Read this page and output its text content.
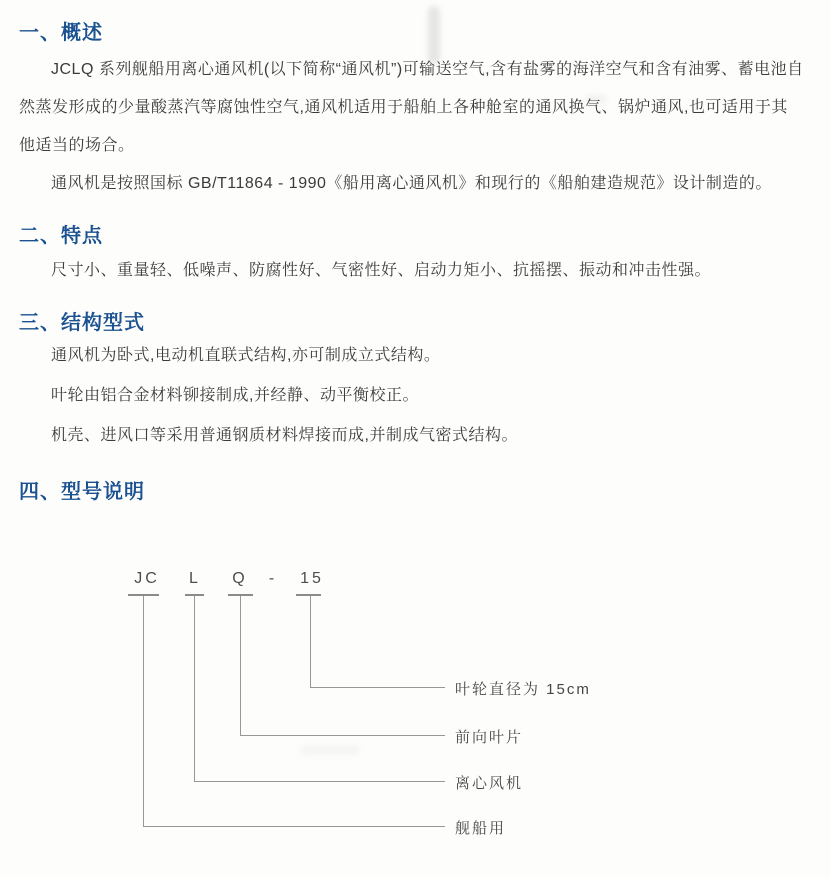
一、概述

JCLQ 系列舰船用离心通风机(以下简称“通风机”)可输送空气,含有盐雾的海洋空气和含有油雾、蓄电池自然蒸发形成的少量酸蒸汽等腐蚀性空气,通风机适用于船舶上各种舱室的通风换气、锅炉通风,也可适用于其他适当的场合。

通风机是按照国标 GB/T11864 - 1990《船用离心通风机》和现行的《船舶建造规范》设计制造的。

二、特点

尺寸小、重量轻、低噪声、防腐性好、气密性好、启动力矩小、抗摇摆、振动和冲击性强。

三、结构型式

通风机为卧式,电动机直联式结构,亦可制成立式结构。

叶轮由铝合金材料铆接制成,并经静、动平衡校正。

机壳、进风口等采用普通钢质材料焊接而成,并制成气密式结构。

四、型号说明
JC	L	Q	-	15
叶轮直径为 15cm
前向叶片
离心风机
舰船用
